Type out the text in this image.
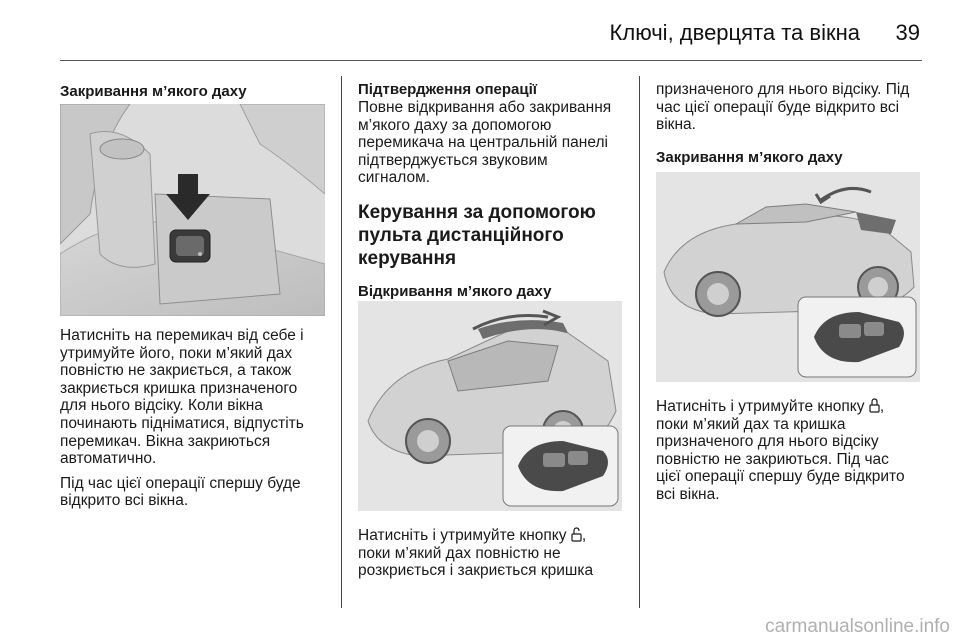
Ключі, дверцята та вікна	39

Закривання м’якого даху

Натисніть на перемикач від себе і
утримуйте його, поки м’який дах
повністю не закриється, а також
закриється кришка призначеного
для нього відсіку. Коли вікна
починають підніматися, відпустіть
перемикач. Вікна закриються
автоматично.

Під час цієї операції спершу буде
відкрито всі вікна.

Підтвердження операції

Повне відкривання або закривання
м’якого даху за допомогою
перемикача на центральній панелі
підтверджується звуковим
сигналом.

Керування за допомогою
пульта дистанційного
керування

Відкривання м’якого даху

Натисніть і утримуйте кнопку ,
поки м’який дах повністю не
розкриється і закриється кришка

призначеного для нього відсіку. Під
час цієї операції буде відкрито всі
вікна.

Закривання м’якого даху

Натисніть і утримуйте кнопку ,
поки м’який дах та кришка
призначеного для нього відсіку
повністю не закриються. Під час
цієї операції спершу буде відкрито
всі вікна.

carmanualsonline.info
